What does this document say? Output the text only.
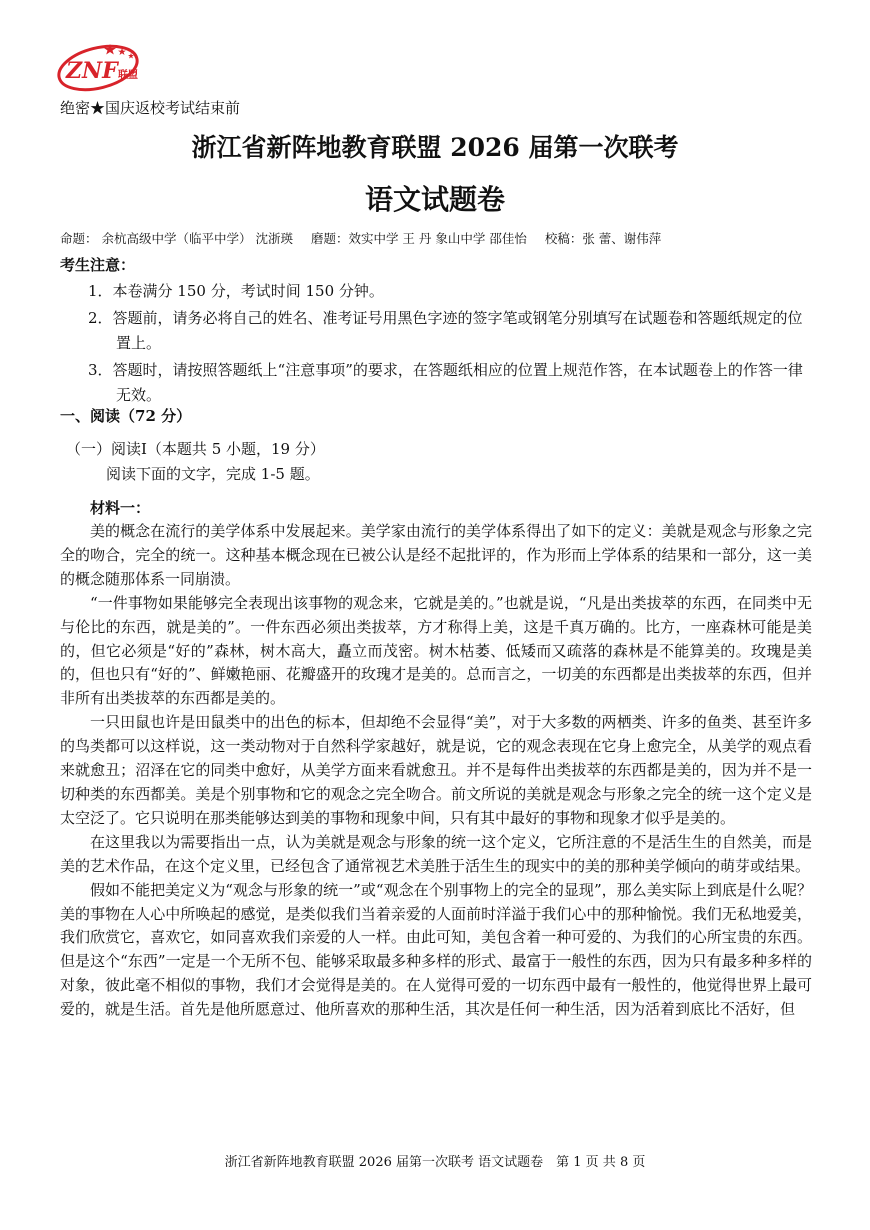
ZNF 联盟
绝密★国庆返校考试结束前
浙江省新阵地教育联盟 2026 届第一次联考
语文试题卷
命题： 余杭高级中学（临平中学） 沈浙瑛 磨题：效实中学 王 丹 象山中学 邵佳怡 校稿：张 蕾、谢伟萍
考生注意：
1．本卷满分 150 分，考试时间 150 分钟。
2．答题前，请务必将自己的姓名、准考证号用黑色字迹的签字笔或钢笔分别填写在试题卷和答题纸规定的位置上。
3．答题时，请按照答题纸上“注意事项”的要求，在答题纸相应的位置上规范作答，在本试题卷上的作答一律无效。
一、阅读（72 分）
（一）阅读Ⅰ（本题共 5 小题，19 分）
阅读下面的文字，完成 1-5 题。
材料一：

美的概念在流行的美学体系中发展起来。美学家由流行的美学体系得出了如下的定义：美就是观念与形象之完全的吻合，完全的统一。这种基本概念现在已被公认是经不起批评的，作为形而上学体系的结果和一部分，这一美的概念随那体系一同崩溃。

“一件事物如果能够完全表现出该事物的观念来，它就是美的。”也就是说，“凡是出类拔萃的东西，在同类中无与伦比的东西，就是美的”。一件东西必须出类拔萃，方才称得上美，这是千真万确的。比方，一座森林可能是美的，但它必须是“好的”森林，树木高大，矗立而茂密。树木枯萎、低矮而又疏落的森林是不能算美的。玫瑰是美的，但也只有“好的”、鲜嫩艳丽、花瓣盛开的玫瑰才是美的。总而言之，一切美的东西都是出类拔萃的东西，但并非所有出类拔萃的东西都是美的。

一只田鼠也许是田鼠类中的出色的标本，但却绝不会显得“美”，对于大多数的两栖类、许多的鱼类、甚至许多的鸟类都可以这样说，这一类动物对于自然科学家越好，就是说，它的观念表现在它身上愈完全，从美学的观点看来就愈丑；沼泽在它的同类中愈好，从美学方面来看就愈丑。并不是每件出类拔萃的东西都是美的，因为并不是一切种类的东西都美。美是个别事物和它的观念之完全吻合。前文所说的美就是观念与形象之完全的统一这个定义是太空泛了。它只说明在那类能够达到美的事物和现象中间，只有其中最好的事物和现象才似乎是美的。

在这里我以为需要指出一点，认为美就是观念与形象的统一这个定义，它所注意的不是活生生的自然美，而是美的艺术作品，在这个定义里，已经包含了通常视艺术美胜于活生生的现实中的美的那种美学倾向的萌芽或结果。

假如不能把美定义为“观念与形象的统一”或“观念在个别事物上的完全的显现”，那么美实际上到底是什么呢？美的事物在人心中所唤起的感觉，是类似我们当着亲爱的人面前时洋溢于我们心中的那种愉悦。我们无私地爱美，我们欣赏它，喜欢它，如同喜欢我们亲爱的人一样。由此可知，美包含着一种可爱的、为我们的心所宝贵的东西。但是这个“东西”一定是一个无所不包、能够采取最多种多样的形式、最富于一般性的东西，因为只有最多种多样的对象，彼此毫不相似的事物，我们才会觉得是美的。在人觉得可爱的一切东西中最有一般性的，他觉得世界上最可爱的，就是生活。首先是他所愿意过、他所喜欢的那种生活，其次是任何一种生活，因为活着到底比不活好，但

浙江省新阵地教育联盟 2026 届第一次联考 语文试题卷　第 1 页 共 8 页
